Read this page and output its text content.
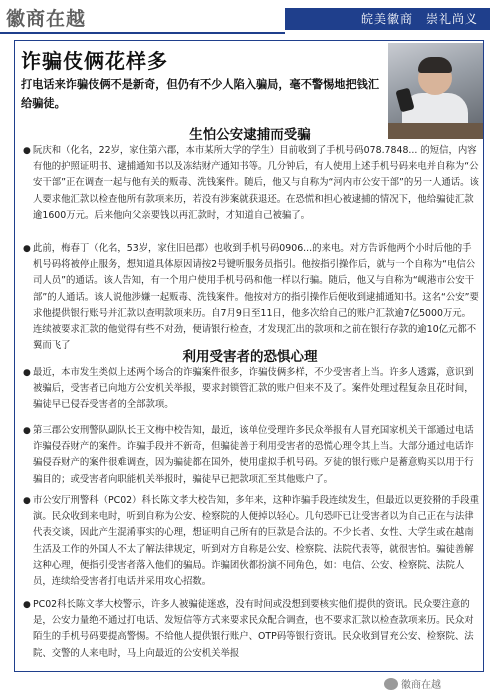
徽商在越	皖美徽商　崇礼尚义
诈骗伎俩花样多
打电话来诈骗伎俩不是新奇，但仍有不少人陷入骗局，毫不警惕地把钱汇给骗徒。
生怕公安逮捕而受骗
● 阮庆和（化名，22岁，家住第六郡，本市某所大学的学生）目前收到了手机号码078.7848... 的短信，内容有他的护照证明书、逮捕通知书以及冻结财产通知书等。几分钟后，有人使用上述手机号码来电并自称为“公安干部”正在调查一起与他有关的贩毒、洗钱案件。随后，他又与自称为“河内市公安干部”的另一人通话。该人要求他汇款以检查他所有款项来历，若没有涉案就获退还。在恐慌和担心被逮捕的情况下，他给骗徒汇款逾1600万元。后来他向父亲要钱以再汇款时，才知道自己被骗了。
● 此前，梅春丁（化名，53岁，家住旧邑郡）也收到手机号码0906...的来电。对方告诉他两个小时后他的手机号码将被停止服务，想知道具体原因请按2号键听服务员指引。他按指引操作后，就与一个自称为“电信公司人员”的通话。该人告知，有一个用户使用手机号码和他一样以行骗。随后，他又与自称为“岘港市公安干部”的人通话。该人说他涉嫌一起贩毒、洗钱案件。他按对方的指引操作后便收到逮捕通知书。这名“公安”要求他提供银行账号并汇款以查明款项来历。自7月9日至11日，他多次给自己的账户汇款逾7亿5000万元。连续被要求汇款的他觉得有些不对劲，便请银行检查，才发现汇出的款项和之前在银行存款的逾10亿元都不翼而飞了
利用受害者的恐惧心理
● 最近，本市发生类似上述两个场合的诈骗案件很多，诈骗伎俩多样，不少受害者上当。许多人透露，意识到被骗后，受害者已向地方公安机关举报，要求封锁管汇款的账户但来不及了。案件处理过程复杂且花时间，骗徒早已侵吞受害者的全部款项。
● 第三郡公安刑警队副队长王文梅中校告知，最近，该单位受理许多民众举报有人冒充国家机关干部通过电话诈骗侵吞财产的案件。诈骗手段并不新奇，但骗徒善于利用受害者的恐慌心理令其上当。大部分通过电话诈骗侵吞财产的案件很难调查，因为骗徒都在国外，使用虚拟手机号码。歹徒的银行账户是蓄意购买以用于行骗目的；或受害者向职能机关举报时，骗徒早已把款项汇至其他账户了。
● 市公安厅刑警科（PC02）科长陈文孝大校告知，多年来，这种诈骗手段连续发生，但最近以更狡猾的手段重演。民众收到来电时，听到自称为公安、检察院的人便掉以轻心。几句恐吓已让受害者以为自己正在与法律代表交谈，因此产生混淆事实的心理，想证明自己所有的巨款是合法的。不少长者、女性、大学生或在越南生活及工作的外国人不太了解法律规定，听到对方自称是公安、检察院、法院代表等，就很害怕。骗徒善解这种心理，便指引受害者落入他们的骗局。诈骗团伙都扮演不同角色，如：电信、公安、检察院、法院人员，连续给受害者打电话并采用攻心招数。
● PC02科长陈文孝大校警示，许多人被骗徒迷惑，没有时间或没想到要核实他们提供的资讯。民众要注意的是，公安力量绝不通过打电话、发短信等方式来要求民众配合调查，也不要求汇款以检查款项来历。民众对陌生的手机号码要提高警惕。不给他人提供银行账户、OTP码等银行资讯。民众收到冒充公安、检察院、法院、交警的人来电时，马上向最近的公安机关举报
徽商在越
